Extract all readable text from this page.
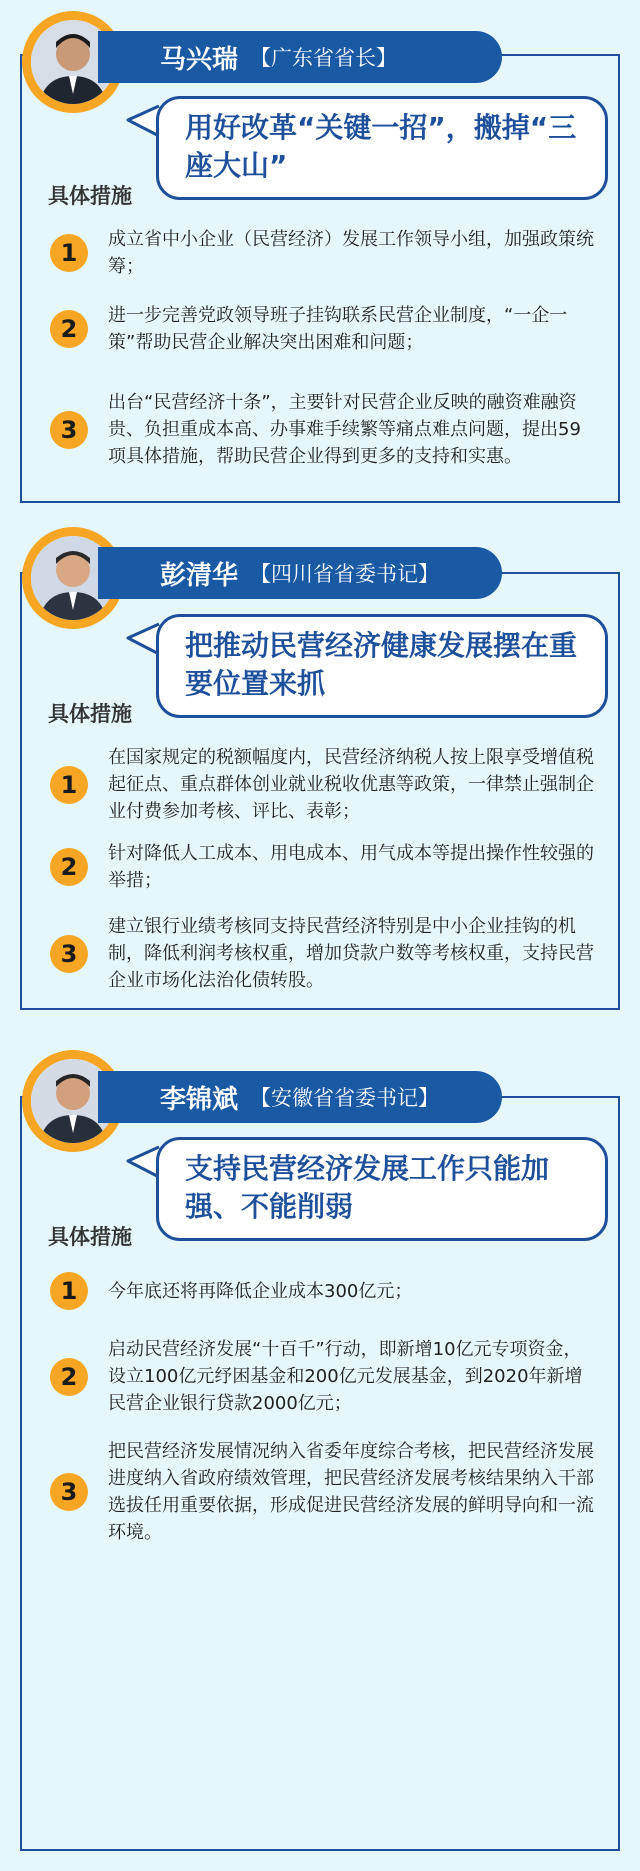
马兴瑞 【广东省省长】
用好改革“关键一招”，搬掉“三座大山”
具体措施
1	成立省中小企业（民营经济）发展工作领导小组，加强政策统筹；
2	进一步完善党政领导班子挂钩联系民营企业制度，“一企一策”帮助民营企业解决突出困难和问题；
3
出台“民营经济十条”，主要针对民营企业反映的融资难融资贵、负担重成本高、办事难手续繁等痛点难点问题，提出59项具体措施，帮助民营企业得到更多的支持和实惠。
彭清华 【四川省省委书记】
把推动民营经济健康发展摆在重要位置来抓
具体措施
1
在国家规定的税额幅度内，民营经济纳税人按上限享受增值税起征点、重点群体创业就业税收优惠等政策，一律禁止强制企业付费参加考核、评比、表彰；
2	针对降低人工成本、用电成本、用气成本等提出操作性较强的举措；
3
建立银行业绩考核同支持民营经济特别是中小企业挂钩的机制，降低利润考核权重，增加贷款户数等考核权重，支持民营企业市场化法治化债转股。
李锦斌 【安徽省省委书记】
支持民营经济发展工作只能加强、不能削弱
具体措施
1	今年底还将再降低企业成本300亿元；
2
启动民营经济发展“十百千”行动，即新增10亿元专项资金，设立100亿元纾困基金和200亿元发展基金，到2020年新增民营企业银行贷款2000亿元；
3
把民营经济发展情况纳入省委年度综合考核，把民营经济发展进度纳入省政府绩效管理，把民营经济发展考核结果纳入干部选拔任用重要依据，形成促进民营经济发展的鲜明导向和一流环境。
